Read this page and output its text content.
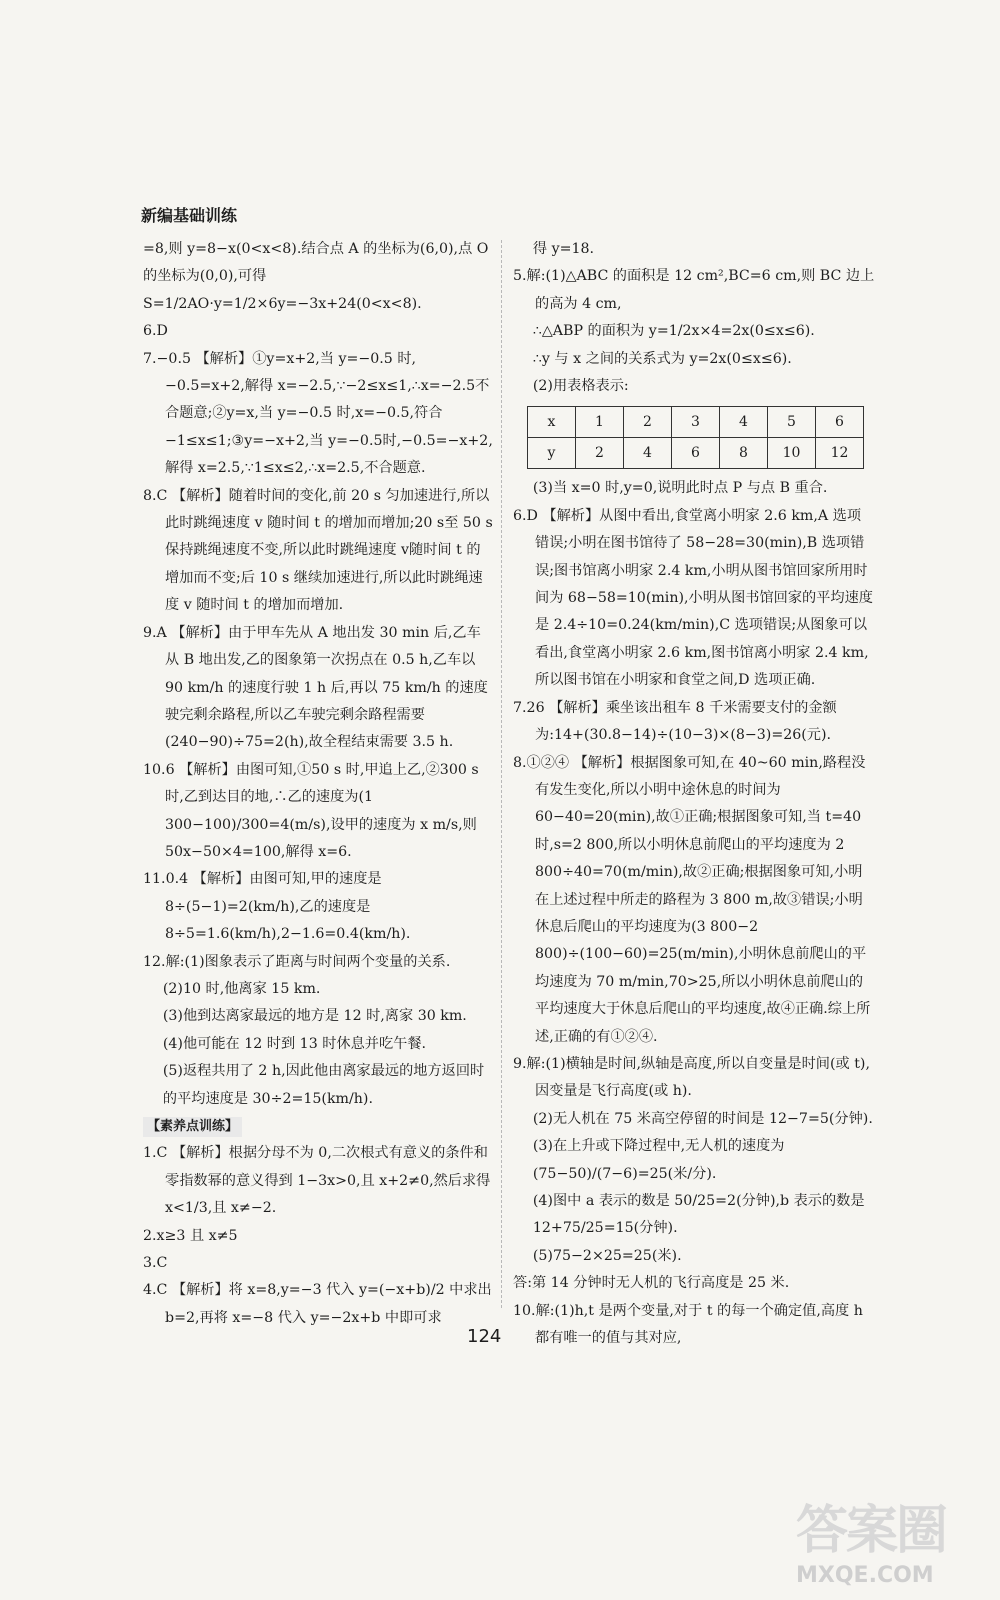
新编基础训练

=8,则 y=8−x(0<x<8).结合点 A 的坐标为(6,0),点 O 的坐标为(0,0),可得 S=1/2AO·y=1/2×6y=−3x+24(0<x<8).

6.D

7.−0.5 【解析】①y=x+2,当 y=−0.5 时,−0.5=x+2,解得 x=−2.5,∵−2≤x≤1,∴x=−2.5不合题意;②y=x,当 y=−0.5 时,x=−0.5,符合−1≤x≤1;③y=−x+2,当 y=−0.5时,−0.5=−x+2,解得 x=2.5,∵1≤x≤2,∴x=2.5,不合题意.

8.C 【解析】随着时间的变化,前 20 s 匀加速进行,所以此时跳绳速度 v 随时间 t 的增加而增加;20 s至 50 s 保持跳绳速度不变,所以此时跳绳速度 v随时间 t 的增加而不变;后 10 s 继续加速进行,所以此时跳绳速度 v 随时间 t 的增加而增加.

9.A 【解析】由于甲车先从 A 地出发 30 min 后,乙车从 B 地出发,乙的图象第一次拐点在 0.5 h,乙车以 90 km/h 的速度行驶 1 h 后,再以 75 km/h 的速度驶完剩余路程,所以乙车驶完剩余路程需要(240−90)÷75=2(h),故全程结束需要 3.5 h.

10.6 【解析】由图可知,①50 s 时,甲追上乙,②300 s 时,乙到达目的地,∴乙的速度为(1 300−100)/300=4(m/s),设甲的速度为 x m/s,则50x−50×4=100,解得 x=6.

11.0.4 【解析】由图可知,甲的速度是 8÷(5−1)=2(km/h),乙的速度是 8÷5=1.6(km/h),2−1.6=0.4(km/h).

12.解:(1)图象表示了距离与时间两个变量的关系.

(2)10 时,他离家 15 km.

(3)他到达离家最远的地方是 12 时,离家 30 km.

(4)他可能在 12 时到 13 时休息并吃午餐.

(5)返程共用了 2 h,因此他由离家最远的地方返回时的平均速度是 30÷2=15(km/h).

【素养点训练】

1.C 【解析】根据分母不为 0,二次根式有意义的条件和零指数幂的意义得到 1−3x>0,且 x+2≠0,然后求得 x<1/3,且 x≠−2.

2.x≥3 且 x≠5

3.C

4.C 【解析】将 x=8,y=−3 代入 y=(−x+b)/2 中求出 b=2,再将 x=−8 代入 y=−2x+b 中即可求

得 y=18.

5.解:(1)△ABC 的面积是 12 cm²,BC=6 cm,则 BC 边上的高为 4 cm,

∴△ABP 的面积为 y=1/2x×4=2x(0≤x≤6).

∴y 与 x 之间的关系式为 y=2x(0≤x≤6).

(2)用表格表示:

x	1	2	3	4	5	6
y	2	4	6	8	10	12

(3)当 x=0 时,y=0,说明此时点 P 与点 B 重合.

6.D 【解析】从图中看出,食堂离小明家 2.6 km,A 选项错误;小明在图书馆待了 58−28=30(min),B 选项错误;图书馆离小明家 2.4 km,小明从图书馆回家所用时间为 68−58=10(min),小明从图书馆回家的平均速度是 2.4÷10=0.24(km/min),C 选项错误;从图象可以看出,食堂离小明家 2.6 km,图书馆离小明家 2.4 km,所以图书馆在小明家和食堂之间,D 选项正确.

7.26 【解析】乘坐该出租车 8 千米需要支付的金额为:14+(30.8−14)÷(10−3)×(8−3)=26(元).

8.①②④ 【解析】根据图象可知,在 40~60 min,路程没有发生变化,所以小明中途休息的时间为 60−40=20(min),故①正确;根据图象可知,当 t=40 时,s=2 800,所以小明休息前爬山的平均速度为 2 800÷40=70(m/min),故②正确;根据图象可知,小明在上述过程中所走的路程为 3 800 m,故③错误;小明休息后爬山的平均速度为(3 800−2 800)÷(100−60)=25(m/min),小明休息前爬山的平均速度为 70 m/min,70>25,所以小明休息前爬山的平均速度大于休息后爬山的平均速度,故④正确.综上所述,正确的有①②④.

9.解:(1)横轴是时间,纵轴是高度,所以自变量是时间(或 t),因变量是飞行高度(或 h).

(2)无人机在 75 米高空停留的时间是 12−7=5(分钟).

(3)在上升或下降过程中,无人机的速度为(75−50)/(7−6)=25(米/分).

(4)图中 a 表示的数是 50/25=2(分钟),b 表示的数是 12+75/25=15(分钟).

(5)75−2×25=25(米).

答:第 14 分钟时无人机的飞行高度是 25 米.

10.解:(1)h,t 是两个变量,对于 t 的每一个确定值,高度 h 都有唯一的值与其对应,

124
答案圈
MXQE.COM
